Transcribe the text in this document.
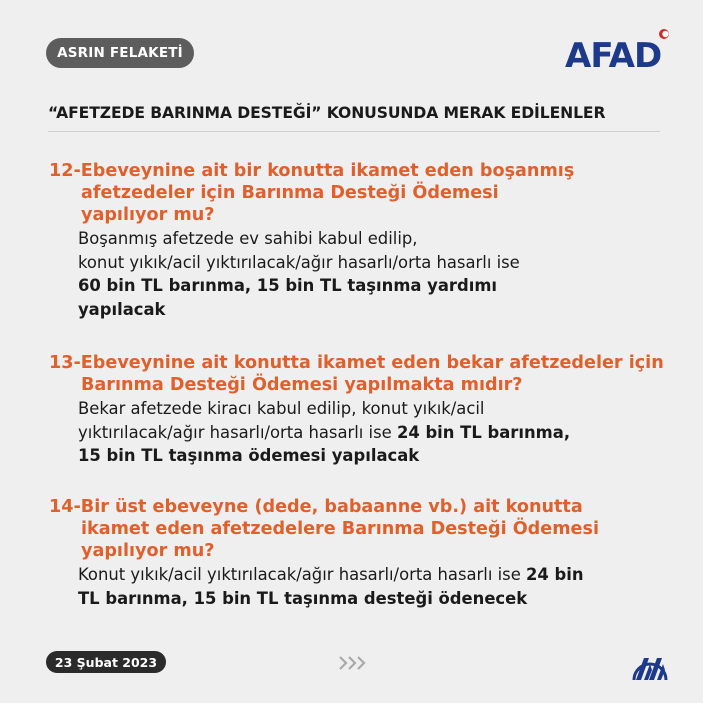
ASRIN FELAKETİ	AFAD
“AFETZEDE BARINMA DESTEĞİ” KONUSUNDA MERAK EDİLENLER

12-Ebeveynine ait bir konutta ikamet eden boşanmış
afetzedeler için Barınma Desteği Ödemesi
yapılıyor mu?

Boşanmış afetzede ev sahibi kabul edilip,
konut yıkık/acil yıktırılacak/ağır hasarlı/orta hasarlı ise
60 bin TL barınma, 15 bin TL taşınma yardımı
yapılacak

13-Ebeveynine ait konutta ikamet eden bekar afetzedeler için
Barınma Desteği Ödemesi yapılmakta mıdır?

Bekar afetzede kiracı kabul edilip, konut yıkık/acil
yıktırılacak/ağır hasarlı/orta hasarlı ise 24 bin TL barınma,
15 bin TL taşınma ödemesi yapılacak

14-Bir üst ebeveyne (dede, babaanne vb.) ait konutta
ikamet eden afetzedelere Barınma Desteği Ödemesi
yapılıyor mu?

Konut yıkık/acil yıktırılacak/ağır hasarlı/orta hasarlı ise 24 bin
TL barınma, 15 bin TL taşınma desteği ödenecek

23 Şubat 2023
